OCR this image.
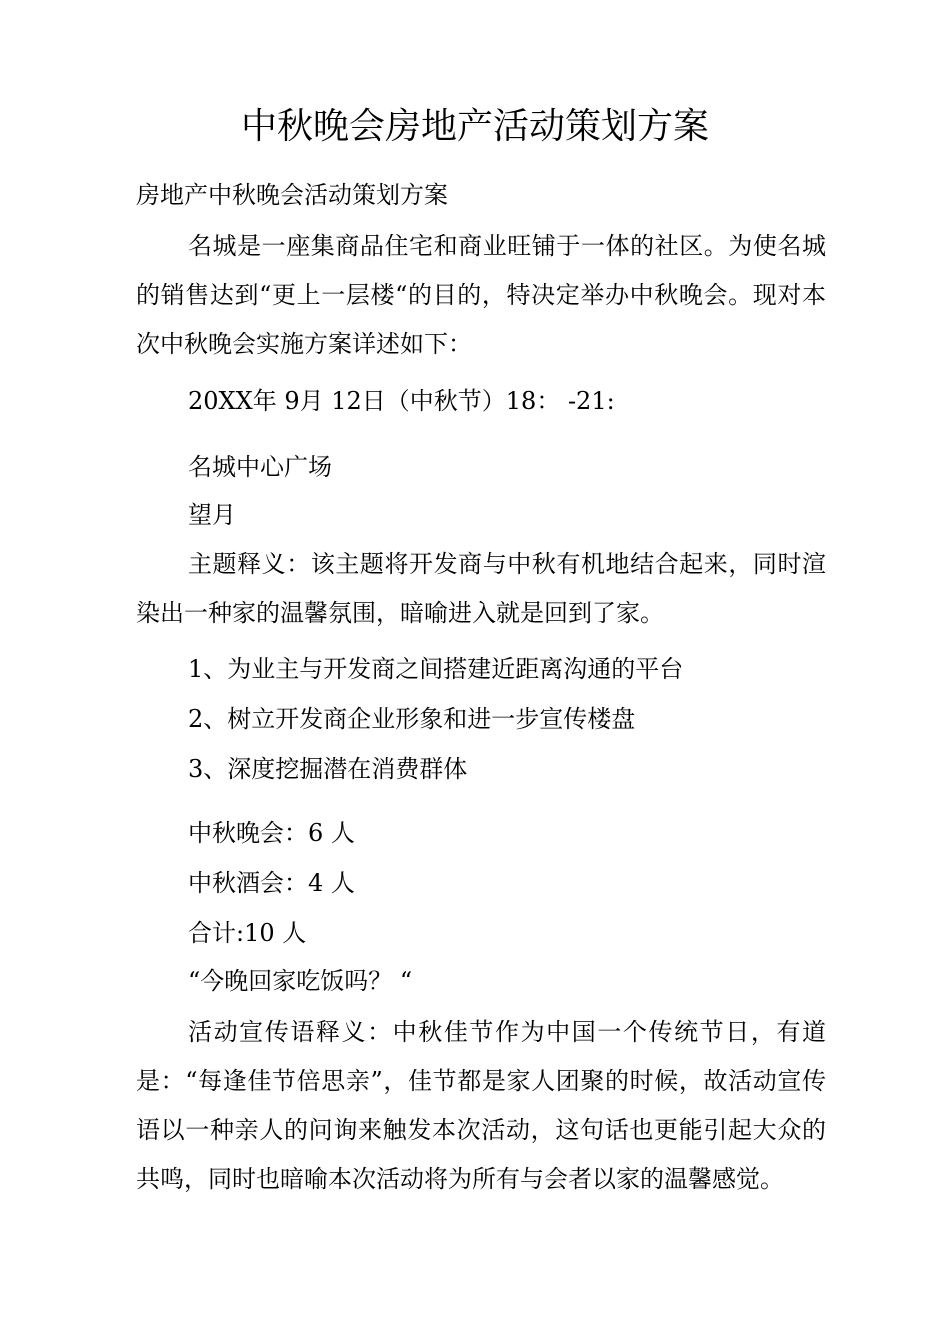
中秋晚会房地产活动策划方案
房地产中秋晚会活动策划方案
名城是一座集商品住宅和商业旺铺于一体的社区。为使名城的销售达到“更上一层楼“的目的，特决定举办中秋晚会。现对本次中秋晚会实施方案详述如下：
20XX年 9月 12日（中秋节）18： -21:
名城中心广场
望月
主题释义：该主题将开发商与中秋有机地结合起来，同时渲染出一种家的温馨氛围，暗喻进入就是回到了家。
1、为业主与开发商之间搭建近距离沟通的平台
2、树立开发商企业形象和进一步宣传楼盘
3、深度挖掘潜在消费群体
中秋晚会：6 人
中秋酒会：4 人
合计:10 人
“今晚回家吃饭吗？ “
活动宣传语释义：中秋佳节作为中国一个传统节日，有道是：“每逢佳节倍思亲”，佳节都是家人团聚的时候，故活动宣传语以一种亲人的问询来触发本次活动，这句话也更能引起大众的共鸣，同时也暗喻本次活动将为所有与会者以家的温馨感觉。
